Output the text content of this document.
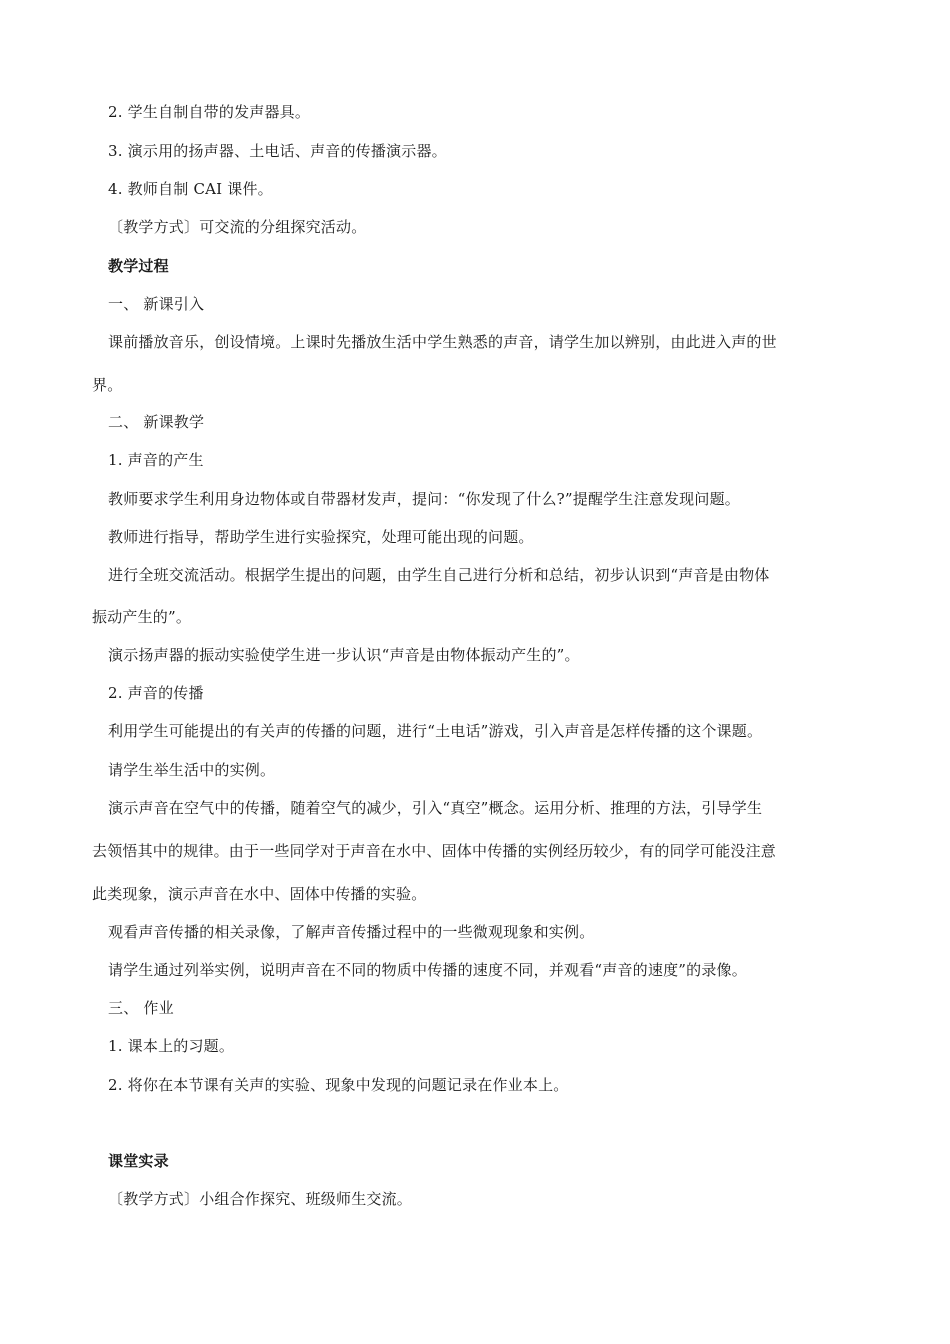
2. 学生自制自带的发声器具。
3. 演示用的扬声器、土电话、声音的传播演示器。
4. 教师自制 CAI 课件。
〔教学方式〕可交流的分组探究活动。
教学过程
一、 新课引入
课前播放音乐，创设情境。上课时先播放生活中学生熟悉的声音，请学生加以辨别，由此进入声的世
界。
二、 新课教学
1. 声音的产生
教师要求学生利用身边物体或自带器材发声，提问：“你发现了什么?”提醒学生注意发现问题。
教师进行指导，帮助学生进行实验探究，处理可能出现的问题。
进行全班交流活动。根据学生提出的问题，由学生自己进行分析和总结，初步认识到“声音是由物体
振动产生的”。
演示扬声器的振动实验使学生进一步认识“声音是由物体振动产生的”。
2. 声音的传播
利用学生可能提出的有关声的传播的问题，进行“土电话”游戏，引入声音是怎样传播的这个课题。
请学生举生活中的实例。
演示声音在空气中的传播，随着空气的减少，引入“真空”概念。运用分析、推理的方法，引导学生
去领悟其中的规律。由于一些同学对于声音在水中、固体中传播的实例经历较少，有的同学可能没注意
此类现象，演示声音在水中、固体中传播的实验。
观看声音传播的相关录像，了解声音传播过程中的一些微观现象和实例。
请学生通过列举实例，说明声音在不同的物质中传播的速度不同，并观看“声音的速度”的录像。
三、 作业
1. 课本上的习题。
2. 将你在本节课有关声的实验、现象中发现的问题记录在作业本上。
课堂实录
〔教学方式〕小组合作探究、班级师生交流。
